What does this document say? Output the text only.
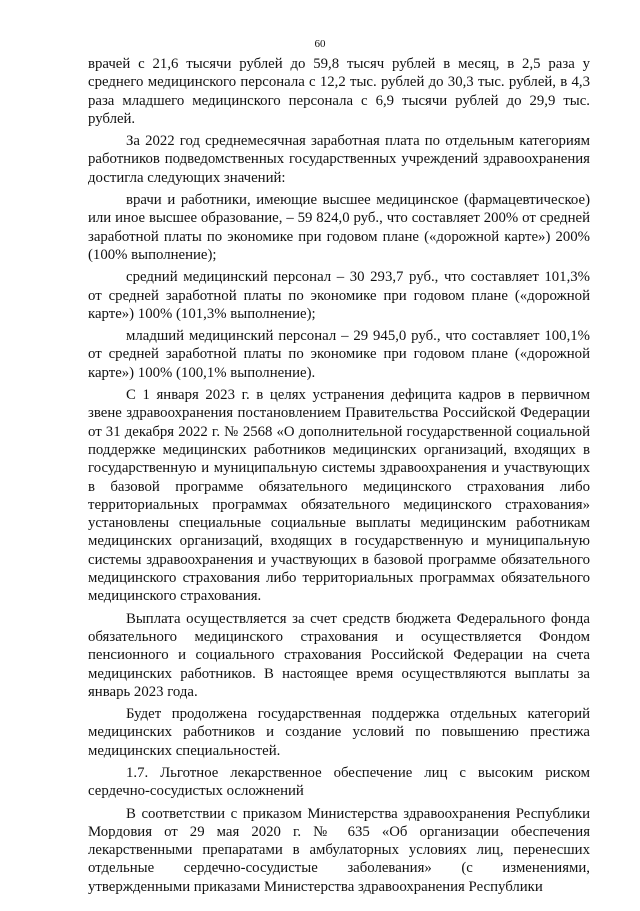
60

врачей с 21,6 тысячи рублей до 59,8 тысяч рублей в месяц, в 2,5 раза у среднего медицинского персонала с 12,2 тыс. рублей до 30,3 тыс. рублей, в 4,3 раза младшего медицинского персонала с 6,9 тысячи рублей до 29,9 тыс. рублей.

За 2022 год среднемесячная заработная плата по отдельным категориям работников подведомственных государственных учреждений здравоохранения достигла следующих значений:

врачи и работники, имеющие высшее медицинское (фармацевтическое) или иное высшее образование, – 59 824,0 руб., что составляет 200% от средней заработной платы по экономике при годовом плане («дорожной карте») 200% (100% выполнение);

средний медицинский персонал – 30 293,7 руб., что составляет 101,3% от средней заработной платы по экономике при годовом плане («дорожной карте») 100% (101,3% выполнение);

младший медицинский персонал – 29 945,0 руб., что составляет 100,1% от средней заработной платы по экономике при годовом плане («дорожной карте») 100% (100,1% выполнение).

С 1 января 2023 г. в целях устранения дефицита кадров в первичном звене здравоохранения постановлением Правительства Российской Федерации от 31 декабря 2022 г. № 2568 «О дополнительной государственной социальной поддержке медицинских работников медицинских организаций, входящих в государственную и муниципальную системы здравоохранения и участвующих в базовой программе обязательного медицинского страхования либо территориальных программах обязательного медицинского страхования» установлены специальные социальные выплаты медицинским работникам медицинских организаций, входящих в государственную и муниципальную системы здравоохранения и участвующих в базовой программе обязательного медицинского страхования либо территориальных программах обязательного медицинского страхования.

Выплата осуществляется за счет средств бюджета Федерального фонда обязательного медицинского страхования и осуществляется Фондом пенсионного и социального страхования Российской Федерации на счета медицинских работников. В настоящее время осуществляются выплаты за январь 2023 года.

Будет продолжена государственная поддержка отдельных категорий медицинских работников и создание условий по повышению престижа медицинских специальностей.

1.7. Льготное лекарственное обеспечение лиц с высоким риском сердечно-сосудистых осложнений

В соответствии с приказом Министерства здравоохранения Республики Мордовия от 29 мая 2020 г. № 635 «Об организации обеспечения лекарственными препаратами в амбулаторных условиях лиц, перенесших отдельные сердечно-сосудистые заболевания» (с изменениями, утвержденными приказами Министерства здравоохранения Республики
